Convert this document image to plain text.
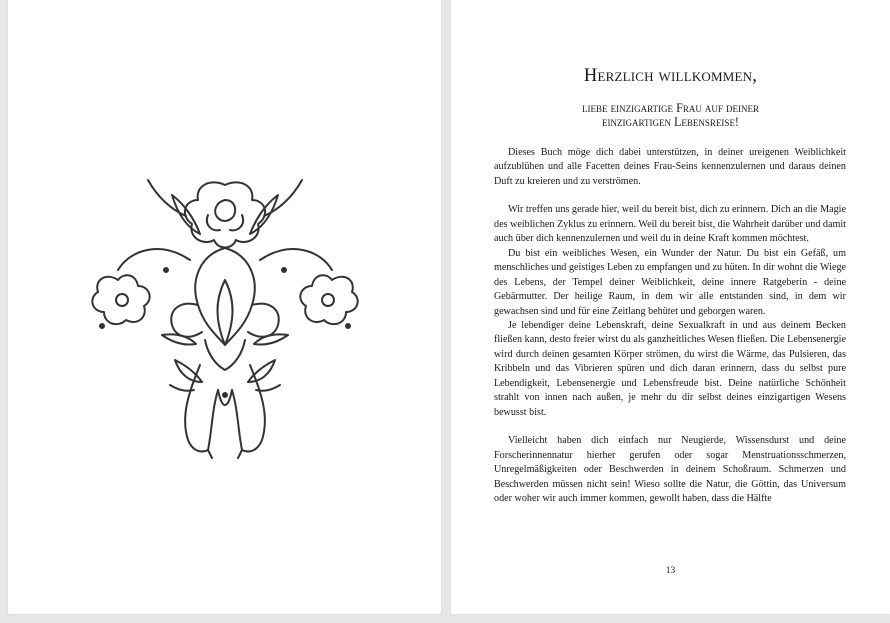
Herzlich willkommen,
liebe einzigartige Frau auf deiner
einzigartigen Lebensreise!

Dieses Buch möge dich dabei unterstützen, in deiner ureigenen Weiblichkeit aufzublühen und alle Facetten deines Frau-Seins kennenzulernen und daraus deinen Duft zu kreieren und zu verströmen.

Wir treffen uns gerade hier, weil du bereit bist, dich zu erinnern. Dich an die Magie des weiblichen Zyklus zu erinnern. Weil du bereit bist, die Wahrheit darüber und damit auch über dich kennenzulernen und weil du in deine Kraft kommen möchtest.

Du bist ein weibliches Wesen, ein Wunder der Natur. Du bist ein Gefäß, um menschliches und geistiges Leben zu empfangen und zu hüten. In dir wohnt die Wiege des Lebens, der Tempel deiner Weiblichkeit, deine innere Ratgeberin - deine Gebärmutter. Der heilige Raum, in dem wir alle entstanden sind, in dem wir gewachsen sind und für eine Zeitlang behütet und geborgen waren.

Je lebendiger deine Lebenskraft, deine Sexualkraft in und aus deinem Becken fließen kann, desto freier wirst du als ganzheitliches Wesen fließen. Die Lebensenergie wird durch deinen gesamten Körper strömen, du wirst die Wärme, das Pulsieren, das Kribbeln und das Vibrieren spüren und dich daran erinnern, dass du selbst pure Lebendigkeit, Lebensenergie und Lebensfreude bist. Deine natürliche Schönheit strahlt von innen nach außen, je mehr du dir selbst deines einzigartigen Wesens bewusst bist.

Vielleicht haben dich einfach nur Neugierde, Wissensdurst und deine Forscherinnennatur hierher gerufen oder sogar Menstruationsschmerzen, Unregelmäßigkeiten oder Beschwerden in deinem Schoßraum. Schmerzen und Beschwerden müssen nicht sein! Wieso sollte die Natur, die Göttin, das Universum oder woher wir auch immer kommen, gewollt haben, dass die Hälfte

13
